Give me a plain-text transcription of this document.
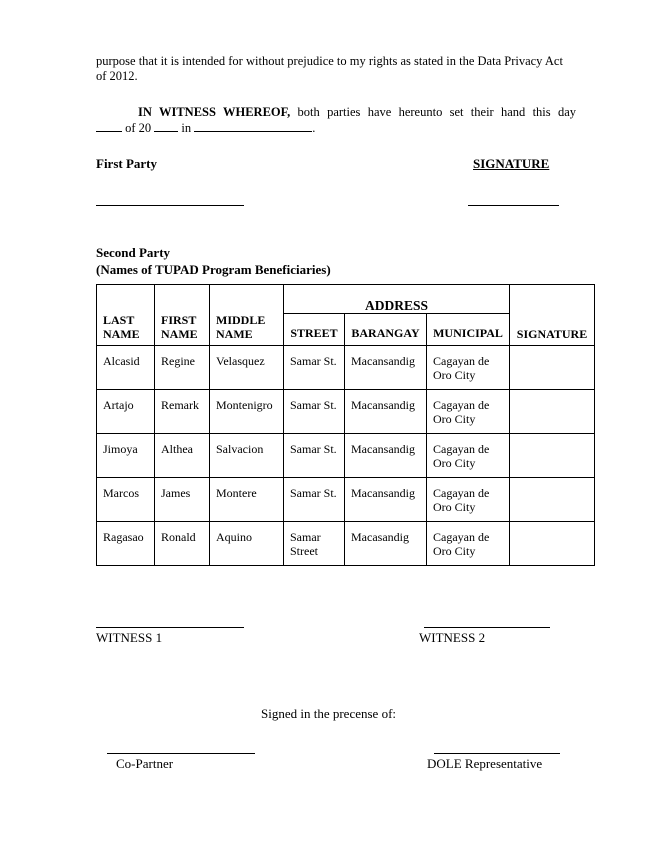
purpose that it is intended for without prejudice to my rights as stated in the Data Privacy Act of 2012.
IN WITNESS WHEREOF, both parties have hereunto set their hand this day
of 20  in	.
First Party	SIGNATURE
Second Party
(Names of TUPAD Program Beneficiaries)
LAST NAME	FIRST NAME	MIDDLE NAME	ADDRESS			SIGNATURE
			STREET	BARANGAY	MUNICIPAL	
Alcasid	Regine	Velasquez	Samar St.	Macansandig	Cagayan de Oro City	
Artajo	Remark	Montenigro	Samar St.	Macansandig	Cagayan de Oro City	
Jimoya	Althea	Salvacion	Samar St.	Macansandig	Cagayan de Oro City	
Marcos	James	Montere	Samar St.	Macansandig	Cagayan de Oro City	
Ragasao	Ronald	Aquino	Samar Street	Macasandig	Cagayan de Oro City	
WITNESS 1	WITNESS 2
Signed in the precense of:
Co-Partner	DOLE Representative
